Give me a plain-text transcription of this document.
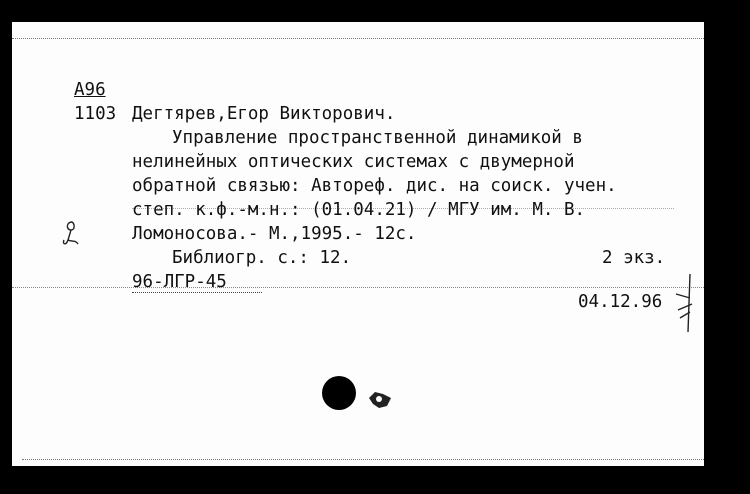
А96
1103 Дегтярев,Егор Викторович.
Управление пространственной динамикой в
нелинейных оптических системах с двумерной
обратной связью: Автореф. дис. на соиск. учен.
степ. к.ф.-м.н.: (01.04.21) / МГУ им. М. В.
Ломоносова.- М.,1995.- 12с.
Библиогр. с.: 12.	2 экз.
96-ЛГР-45
04.12.96
